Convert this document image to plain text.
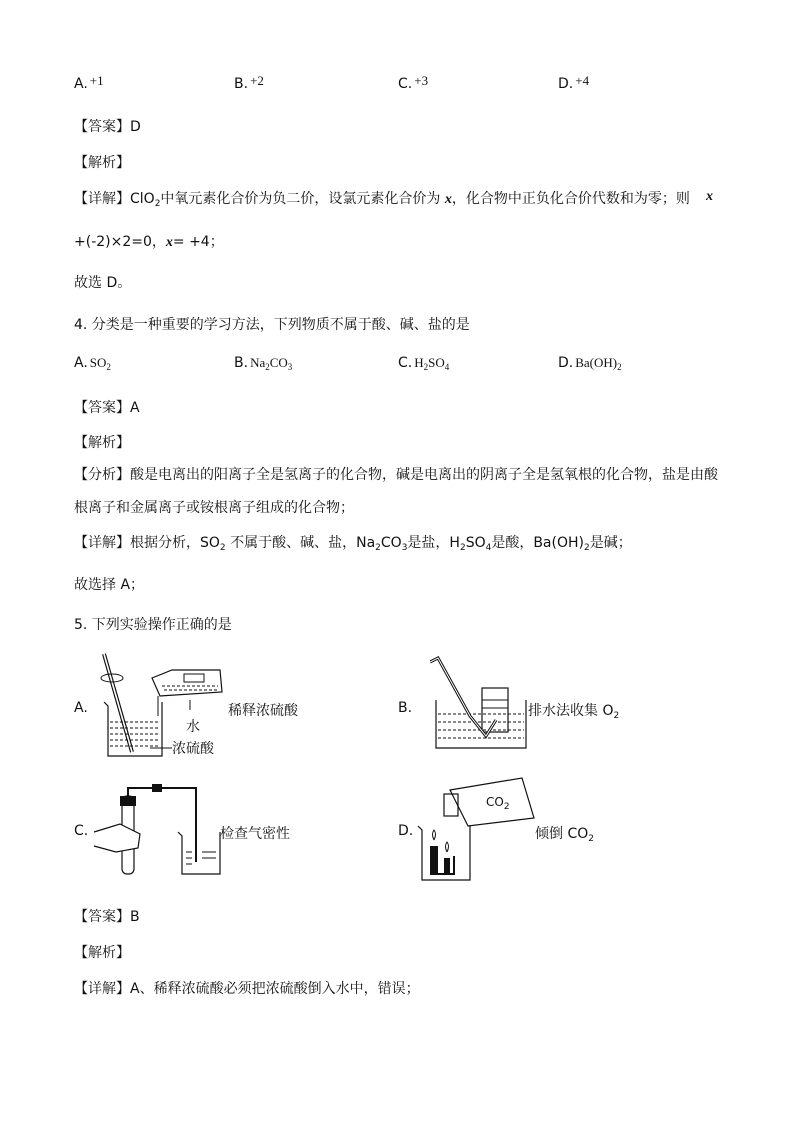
A. +1	B. +2	C. +3	D. +4
【答案】D
【解析】
【详解】ClO$_2$中氧元素化合价为负二价，设氯元素化合价为 x，化合物中正负化合价代数和为零；则 x
+(-2)×2=0，x= +4；
故选 D。
4. 分类是一种重要的学习方法，下列物质不属于酸、碱、盐的是
A. $SO_2$	B. $Na_2CO_3$	C. $H_2SO_4$	D. $Ba(OH)_2$
【答案】A
【解析】
【分析】酸是电离出的阳离子全是氢离子的化合物，碱是电离出的阴离子全是氢氧根的化合物，盐是由酸
根离子和金属离子或铵根离子组成的化合物；
【详解】根据分析，$SO_2$ 不属于酸、碱、盐，$Na_2CO_3$是盐，$H_2SO_4$是酸，$Ba(OH)_2$是碱；
故选择 A；
5. 下列实验操作正确的是
A.	稀释浓硫酸
水
浓硫酸
B.	排水法收集 $O_2$
C.	检查气密性	D.
$CO_2$
倾倒 $CO_2$
【答案】B
【解析】
【详解】A、稀释浓硫酸必须把浓硫酸倒入水中，错误；
